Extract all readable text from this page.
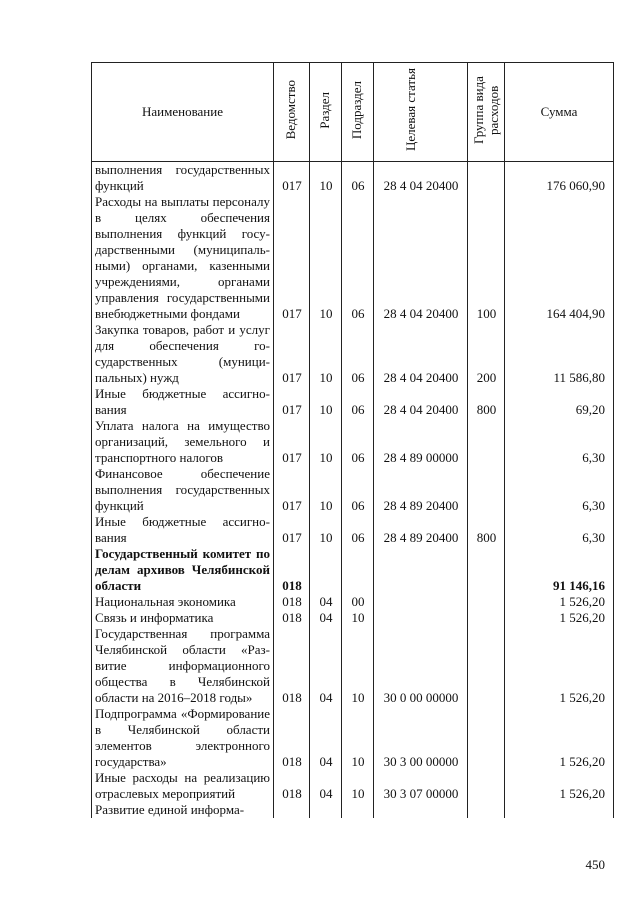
Наименование	Ведомство	Раздел	Подраздел	Целевая статья	Группа вида расходов	Сумма
выполнения государственных функций	017	10	06	28 4 04 20400		176 060,90
Расходы на выплаты персоналу в целях обеспечения выполнения функций государственными (муниципальными) органами, казенными учреждениями, органами управления государственными внебюджетными фондами	017	10	06	28 4 04 20400	100	164 404,90
Закупка товаров, работ и услуг для обеспечения государственных (муниципальных) нужд	017	10	06	28 4 04 20400	200	11 586,80
Иные бюджетные ассигнования	017	10	06	28 4 04 20400	800	69,20
Уплата налога на имущество организаций, земельного и транспортного налогов	017	10	06	28 4 89 00000		6,30
Финансовое обеспечение выполнения государственных функций	017	10	06	28 4 89 20400		6,30
Иные бюджетные ассигнования	017	10	06	28 4 89 20400	800	6,30
Государственный комитет по делам архивов Челябинской области	018					91 146,16
Национальная экономика	018	04	00			1 526,20
Связь и информатика	018	04	10			1 526,20
Государственная программа Челябинской области «Развитие информационного общества в Челябинской области на 2016–2018 годы»	018	04	10	30 0 00 00000		1 526,20
Подпрограмма «Формирование в Челябинской области элементов электронного государства»	018	04	10	30 3 00 00000		1 526,20
Иные расходы на реализацию отраслевых мероприятий	018	04	10	30 3 07 00000		1 526,20
Развитие единой информа-						
450
